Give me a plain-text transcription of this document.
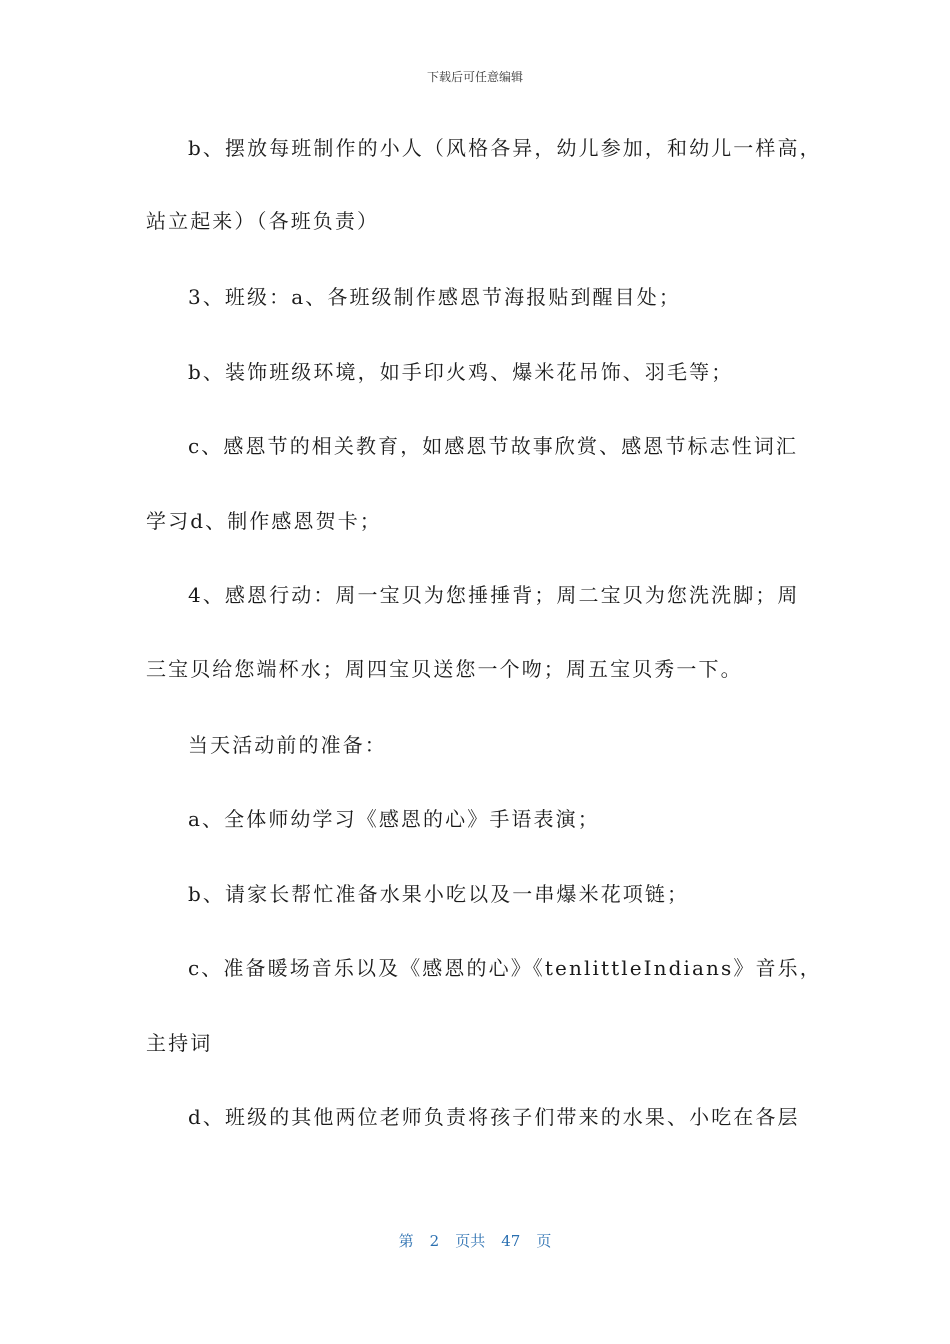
下载后可任意编辑
b、摆放每班制作的小人（风格各异，幼儿参加，和幼儿一样高，
站立起来）（各班负责）
3、班级：a、各班级制作感恩节海报贴到醒目处；
b、装饰班级环境，如手印火鸡、爆米花吊饰、羽毛等；
c、感恩节的相关教育，如感恩节故事欣赏、感恩节标志性词汇
学习d、制作感恩贺卡；
4、感恩行动：周一宝贝为您捶捶背；周二宝贝为您洗洗脚；周
三宝贝给您端杯水；周四宝贝送您一个吻；周五宝贝秀一下。
当天活动前的准备：
a、全体师幼学习《感恩的心》手语表演；
b、请家长帮忙准备水果小吃以及一串爆米花项链；
c、准备暖场音乐以及《感恩的心》《tenlittleIndians》音乐，
主持词
d、班级的其他两位老师负责将孩子们带来的水果、小吃在各层
第 2 页共 47 页
